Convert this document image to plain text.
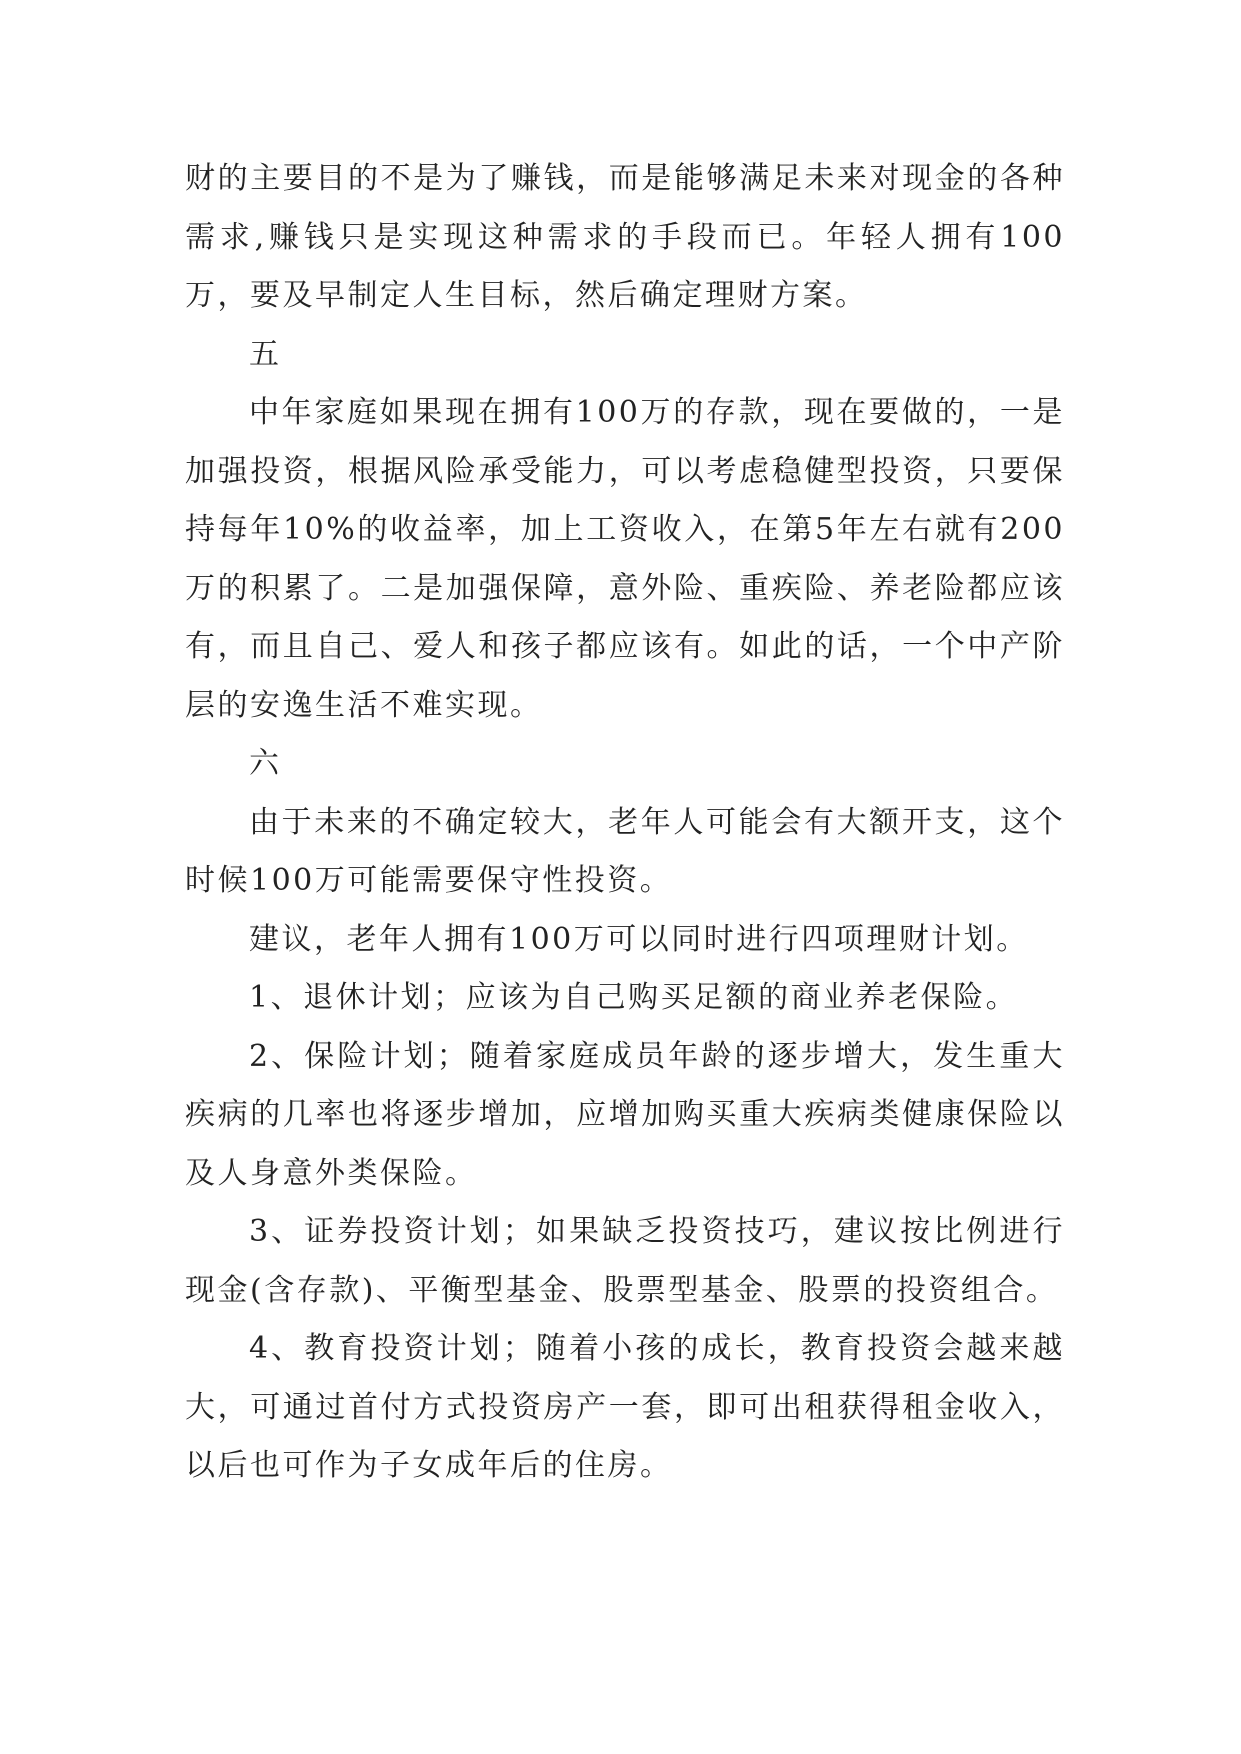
财的主要目的不是为了赚钱，而是能够满足未来对现金的各种需求,赚钱只是实现这种需求的手段而已。年轻人拥有100万，要及早制定人生目标，然后确定理财方案。

五

中年家庭如果现在拥有100万的存款，现在要做的，一是加强投资，根据风险承受能力，可以考虑稳健型投资，只要保持每年10%的收益率，加上工资收入，在第5年左右就有200万的积累了。二是加强保障，意外险、重疾险、养老险都应该有，而且自己、爱人和孩子都应该有。如此的话，一个中产阶层的安逸生活不难实现。

六

由于未来的不确定较大，老年人可能会有大额开支，这个时候100万可能需要保守性投资。

建议，老年人拥有100万可以同时进行四项理财计划。

1、退休计划；应该为自己购买足额的商业养老保险。

2、保险计划；随着家庭成员年龄的逐步增大，发生重大疾病的几率也将逐步增加，应增加购买重大疾病类健康保险以及人身意外类保险。

3、证券投资计划；如果缺乏投资技巧，建议按比例进行现金(含存款)、平衡型基金、股票型基金、股票的投资组合。

4、教育投资计划；随着小孩的成长，教育投资会越来越大，可通过首付方式投资房产一套，即可出租获得租金收入，以后也可作为子女成年后的住房。
